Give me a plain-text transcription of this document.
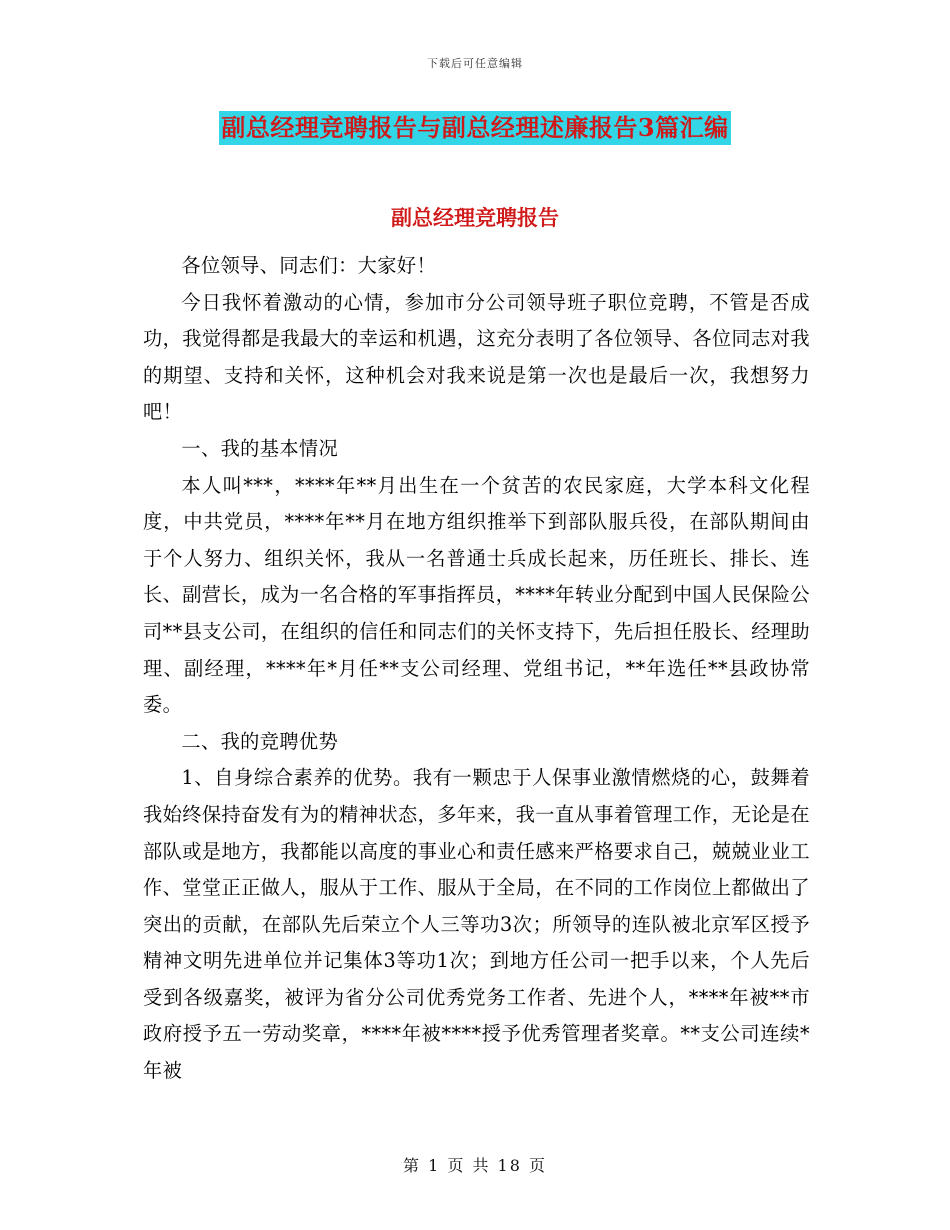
下载后可任意编辑
副总经理竞聘报告与副总经理述廉报告3篇汇编
副总经理竞聘报告

各位领导、同志们：大家好！

今日我怀着激动的心情，参加市分公司领导班子职位竞聘，不管是否成功，我觉得都是我最大的幸运和机遇，这充分表明了各位领导、各位同志对我的期望、支持和关怀，这种机会对我来说是第一次也是最后一次，我想努力吧！

一、我的基本情况

本人叫***，****年**月出生在一个贫苦的农民家庭，大学本科文化程度，中共党员，****年**月在地方组织推举下到部队服兵役，在部队期间由于个人努力、组织关怀，我从一名普通士兵成长起来，历任班长、排长、连长、副营长，成为一名合格的军事指挥员，****年转业分配到中国人民保险公司**县支公司，在组织的信任和同志们的关怀支持下，先后担任股长、经理助理、副经理，****年*月任**支公司经理、党组书记，**年选任**县政协常委。

二、我的竞聘优势

1、自身综合素养的优势。我有一颗忠于人保事业激情燃烧的心，鼓舞着我始终保持奋发有为的精神状态，多年来，我一直从事着管理工作，无论是在部队或是地方，我都能以高度的事业心和责任感来严格要求自己，兢兢业业工作、堂堂正正做人，服从于工作、服从于全局，在不同的工作岗位上都做出了突出的贡献，在部队先后荣立个人三等功3次；所领导的连队被北京军区授予精神文明先进单位并记集体3等功1次；到地方任公司一把手以来，个人先后受到各级嘉奖，被评为省分公司优秀党务工作者、先进个人，****年被**市政府授予五一劳动奖章，****年被****授予优秀管理者奖章。**支公司连续*年被

第 1 页 共 18 页
